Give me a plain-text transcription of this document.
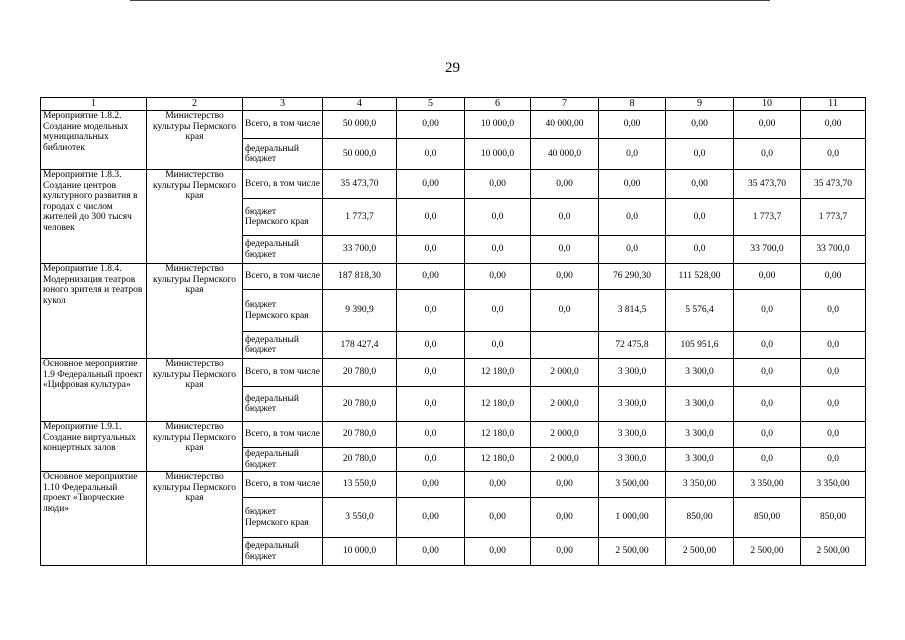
29
1	2	3	4	5	6	7	8	9	10	11
Мероприятие 1.8.2. Создание модельных муниципальных библиотек	Министерство культуры Пермского края	Всего, в том числе	50 000,0	0,00	10 000,0	40 000,00	0,00	0,00	0,00	0,00
		федеральный бюджет	50 000,0	0,0	10 000,0	40 000,0	0,0	0,0	0,0	0,0
Мероприятие 1.8.3. Создание центров культурного развития в городах с числом жителей до 300 тысяч человек	Министерство культуры Пермского края	Всего, в том числе	35 473,70	0,00	0,00	0,00	0,00	0,00	35 473,70	35 473,70
		бюджет Пермского края	1 773,7	0,0	0,0	0,0	0,0	0,0	1 773,7	1 773,7
		федеральный бюджет	33 700,0	0,0	0,0	0,0	0,0	0,0	33 700,0	33 700,0
Мероприятие 1.8.4. Модернизация театров юного зрителя и театров кукол	Министерство культуры Пермского края	Всего, в том числе	187 818,30	0,00	0,00	0,00	76 290,30	111 528,00	0,00	0,00
		бюджет Пермского края	9 390,9	0,0	0,0	0,0	3 814,5	5 576,4	0,0	0,0
		федеральный бюджет	178 427,4	0,0	0,0		72 475,8	105 951,6	0,0	0,0
Основное мероприятие 1.9 Федеральный проект «Цифровая культура»	Министерство культуры Пермского края	Всего, в том числе	20 780,0	0,0	12 180,0	2 000,0	3 300,0	3 300,0	0,0	0,0
		федеральный бюджет	20 780,0	0,0	12 180,0	2 000,0	3 300,0	3 300,0	0,0	0,0
Мероприятие 1.9.1. Создание виртуальных концертных залов	Министерство культуры Пермского края	Всего, в том числе	20 780,0	0,0	12 180,0	2 000,0	3 300,0	3 300,0	0,0	0,0
		федеральный бюджет	20 780,0	0,0	12 180,0	2 000,0	3 300,0	3 300,0	0,0	0,0
Основное мероприятие 1.10 Федеральный проект «Творческие люди»	Министерство культуры Пермского края	Всего, в том числе	13 550,0	0,00	0,00	0,00	3 500,00	3 350,00	3 350,00	3 350,00
		бюджет Пермского края	3 550,0	0,00	0,00	0,00	1 000,00	850,00	850,00	850,00
		федеральный бюджет	10 000,0	0,00	0,00	0,00	2 500,00	2 500,00	2 500,00	2 500,00
